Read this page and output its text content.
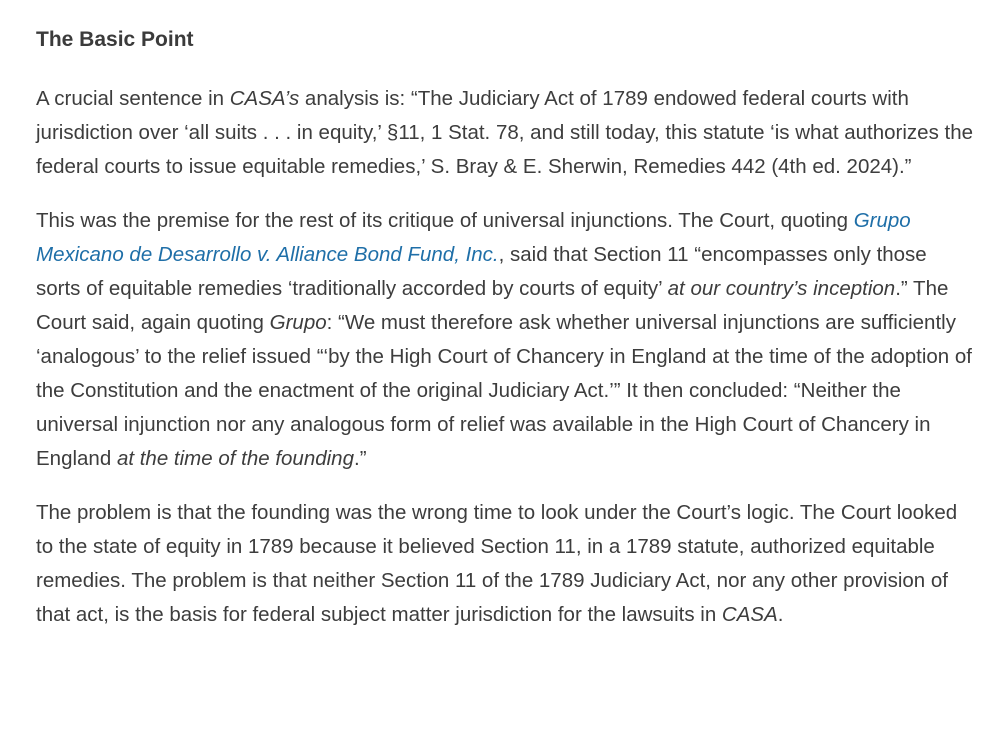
The Basic Point

A crucial sentence in CASA’s analysis is: “The Judiciary Act of 1789 endowed federal courts with jurisdiction over ‘all suits . . . in equity,’ §11, 1 Stat. 78, and still today, this statute ‘is what authorizes the federal courts to issue equitable remedies,’ S. Bray & E. Sherwin, Remedies 442 (4th ed. 2024).”

This was the premise for the rest of its critique of universal injunctions. The Court, quoting Grupo Mexicano de Desarrollo v. Alliance Bond Fund, Inc., said that Section 11 “encompasses only those sorts of equitable remedies ‘traditionally accorded by courts of equity’ at our country’s inception.” The Court said, again quoting Grupo: “We must therefore ask whether universal injunctions are sufficiently ‘analogous’ to the relief issued “‘by the High Court of Chancery in England at the time of the adoption of the Constitution and the enactment of the original Judiciary Act.’” It then concluded: “Neither the universal injunction nor any analogous form of relief was available in the High Court of Chancery in England at the time of the founding.”

The problem is that the founding was the wrong time to look under the Court’s logic. The Court looked to the state of equity in 1789 because it believed Section 11, in a 1789 statute, authorized equitable remedies. The problem is that neither Section 11 of the 1789 Judiciary Act, nor any other provision of that act, is the basis for federal subject matter jurisdiction for the lawsuits in CASA.
